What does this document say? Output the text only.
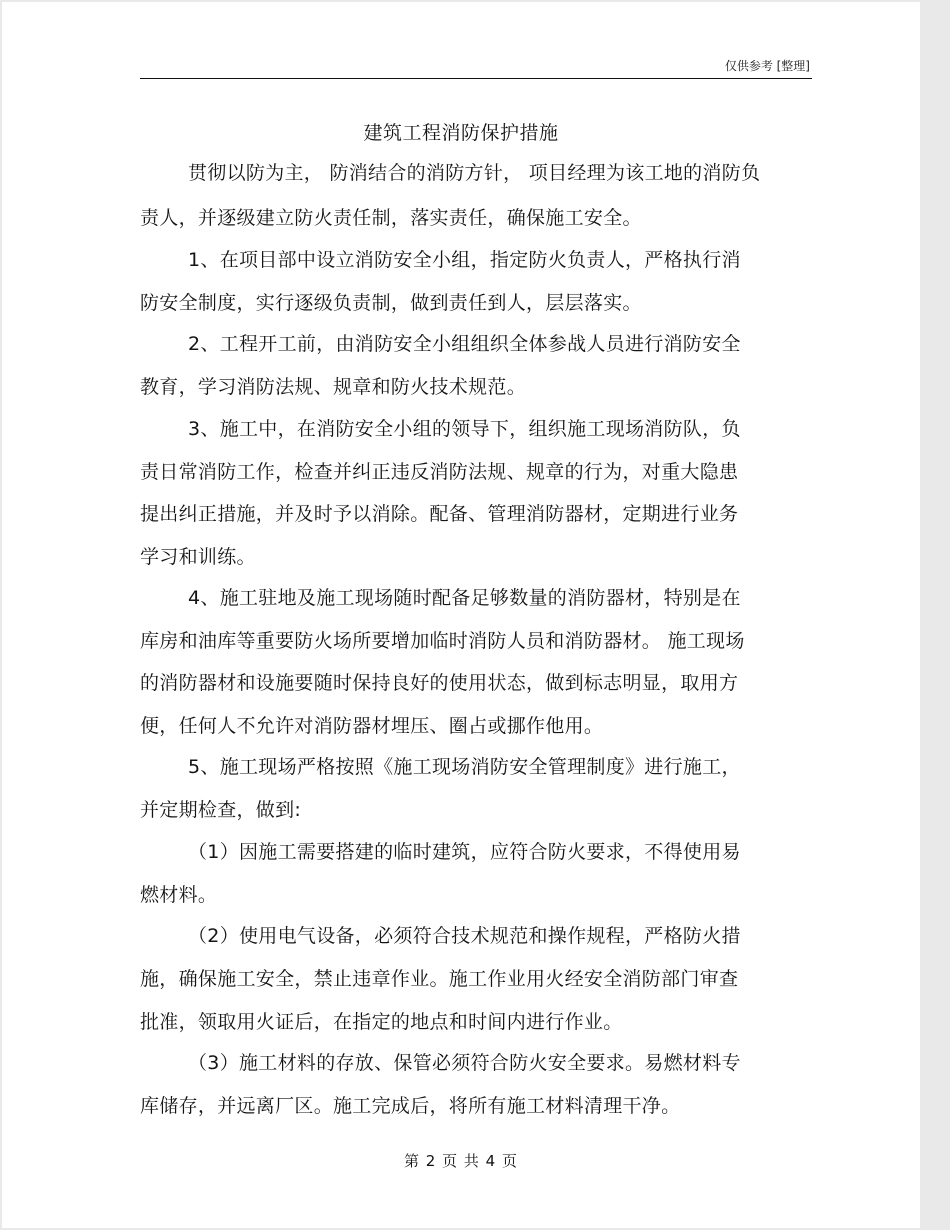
仅供参考 [整理]
建筑工程消防保护措施
贯彻以防为主， 防消结合的消防方针， 项目经理为该工地的消防负
责人，并逐级建立防火责任制，落实责任，确保施工安全。
1、在项目部中设立消防安全小组，指定防火负责人，严格执行消
防安全制度，实行逐级负责制，做到责任到人，层层落实。
2、工程开工前，由消防安全小组组织全体参战人员进行消防安全
教育，学习消防法规、规章和防火技术规范。
3、施工中，在消防安全小组的领导下，组织施工现场消防队，负
责日常消防工作，检查并纠正违反消防法规、规章的行为，对重大隐患
提出纠正措施，并及时予以消除。配备、管理消防器材，定期进行业务
学习和训练。
4、施工驻地及施工现场随时配备足够数量的消防器材，特别是在
库房和油库等重要防火场所要增加临时消防人员和消防器材。 施工现场
的消防器材和设施要随时保持良好的使用状态，做到标志明显，取用方
便，任何人不允许对消防器材埋压、圈占或挪作他用。
5、施工现场严格按照《施工现场消防安全管理制度》进行施工，
并定期检查，做到:
（1）因施工需要搭建的临时建筑，应符合防火要求，不得使用易
燃材料。
（2）使用电气设备，必须符合技术规范和操作规程，严格防火措
施，确保施工安全，禁止违章作业。施工作业用火经安全消防部门审查
批准，领取用火证后，在指定的地点和时间内进行作业。
（3）施工材料的存放、保管必须符合防火安全要求。易燃材料专
库储存，并远离厂区。施工完成后，将所有施工材料清理干净。
第 2 页 共 4 页
